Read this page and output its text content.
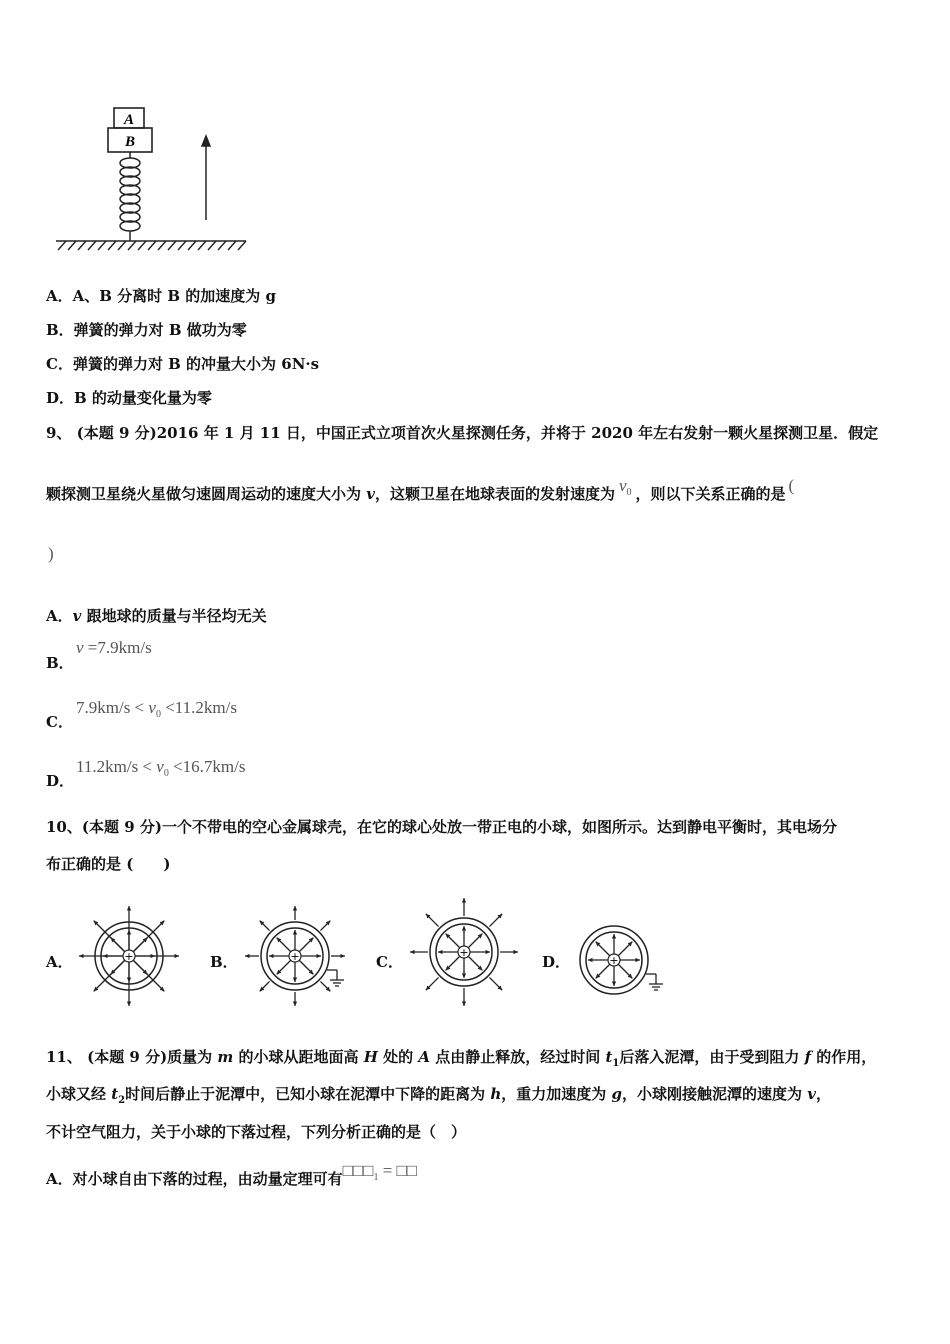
A
B
A．A、B 分离时 B 的加速度为 g
B．弹簧的弹力对 B 做功为零
C．弹簧的弹力对 B 的冲量大小为 6N·s
D．B 的动量变化量为零
9、 (本题 9 分)2016 年 1 月 11 日，中国正式立项首次火星探测任务，并将于 2020 年左右发射一颗火星探测卫星．假定
颗探测卫星绕火星做匀速圆周运动的速度大小为 v，这颗卫星在地球表面的发射速度为 $v_0$ ，则以下关系正确的是 (
)
A．v 跟地球的质量与半径均无关
v =7.9km/s
B．
$7.9km/s < v_0 <11.2km/s$
C．
$11.2km/s < v_0 <16.7km/s$
D．
10、(本题 9 分)一个不带电的空心金属球壳，在它的球心处放一带正电的小球，如图所示。达到静电平衡时，其电场分
布正确的是 (　　)
A．	B．	C．	D．
+	+	+
+
11、 (本题 9 分)质量为 m 的小球从距地面高 H 处的 A 点由静止释放，经过时间 $t_1$后落入泥潭，由于受到阻力 f 的作用，
小球又经 $t_2$时间后静止于泥潭中，已知小球在泥潭中下降的距离为 h，重力加速度为 g，小球刚接触泥潭的速度为 v，
不计空气阻力，关于小球的下落过程，下列分析正确的是（　）
A．对小球自由下落的过程，由动量定理可有$□□□_1$ = □□
